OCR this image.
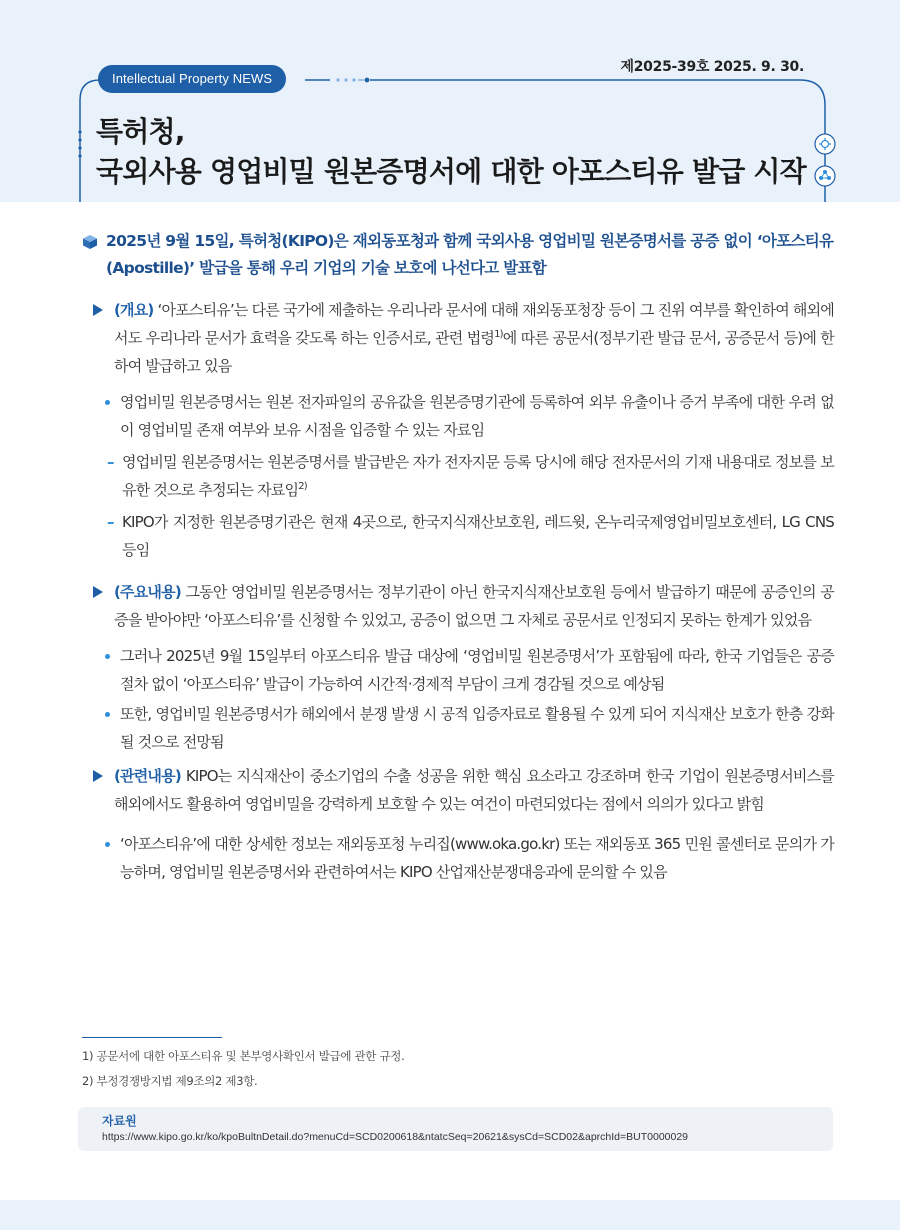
제2025-39호 2025. 9. 30.
Intellectual Property NEWS
특허청,
국외사용 영업비밀 원본증명서에 대한 아포스티유 발급 시작
2025년 9월 15일, 특허청(KIPO)은 재외동포청과 함께 국외사용 영업비밀 원본증명서를 공증 없이 ‘아포스티유(Apostille)’ 발급을 통해 우리 기업의 기술 보호에 나선다고 발표함
(개요) ‘아포스티유’는 다른 국가에 제출하는 우리나라 문서에 대해 재외동포청장 등이 그 진위 여부를 확인하여 해외에서도 우리나라 문서가 효력을 갖도록 하는 인증서로, 관련 법령$^{1)}$에 따른 공문서(정부기관 발급 문서, 공증문서 등)에 한하여 발급하고 있음
영업비밀 원본증명서는 원본 전자파일의 공유값을 원본증명기관에 등록하여 외부 유출이나 증거 부족에 대한 우려 없이 영업비밀 존재 여부와 보유 시점을 입증할 수 있는 자료임
– 영업비밀 원본증명서는 원본증명서를 발급받은 자가 전자지문 등록 당시에 해당 전자문서의 기재 내용대로 정보를 보유한 것으로 추정되는 자료임$^{2)}$
– KIPO가 지정한 원본증명기관은 현재 4곳으로, 한국지식재산보호원, 레드윗, 온누리국제영업비밀보호센터, LG CNS 등임
(주요내용) 그동안 영업비밀 원본증명서는 정부기관이 아닌 한국지식재산보호원 등에서 발급하기 때문에 공증인의 공증을 받아야만 ‘아포스티유’를 신청할 수 있었고, 공증이 없으면 그 자체로 공문서로 인정되지 못하는 한계가 있었음
그러나 2025년 9월 15일부터 아포스티유 발급 대상에 ‘영업비밀 원본증명서’가 포함됨에 따라, 한국 기업들은 공증 절차 없이 ‘아포스티유’ 발급이 가능하여 시간적·경제적 부담이 크게 경감될 것으로 예상됨
또한, 영업비밀 원본증명서가 해외에서 분쟁 발생 시 공적 입증자료로 활용될 수 있게 되어 지식재산 보호가 한층 강화될 것으로 전망됨
(관련내용) KIPO는 지식재산이 중소기업의 수출 성공을 위한 핵심 요소라고 강조하며 한국 기업이 원본증명서비스를 해외에서도 활용하여 영업비밀을 강력하게 보호할 수 있는 여건이 마련되었다는 점에서 의의가 있다고 밝힘
‘아포스티유’에 대한 상세한 정보는 재외동포청 누리집(www.oka.go.kr) 또는 재외동포 365 민원 콜센터로 문의가 가능하며, 영업비밀 원본증명서와 관련하여서는 KIPO 산업재산분쟁대응과에 문의할 수 있음
1) 공문서에 대한 아포스티유 및 본부영사확인서 발급에 관한 규정.
2) 부정경쟁방지법 제9조의2 제3항.
자료원
https://www.kipo.go.kr/ko/kpoBultnDetail.do?menuCd=SCD0200618&ntatcSeq=20621&sysCd=SCD02&aprchId=BUT0000029
